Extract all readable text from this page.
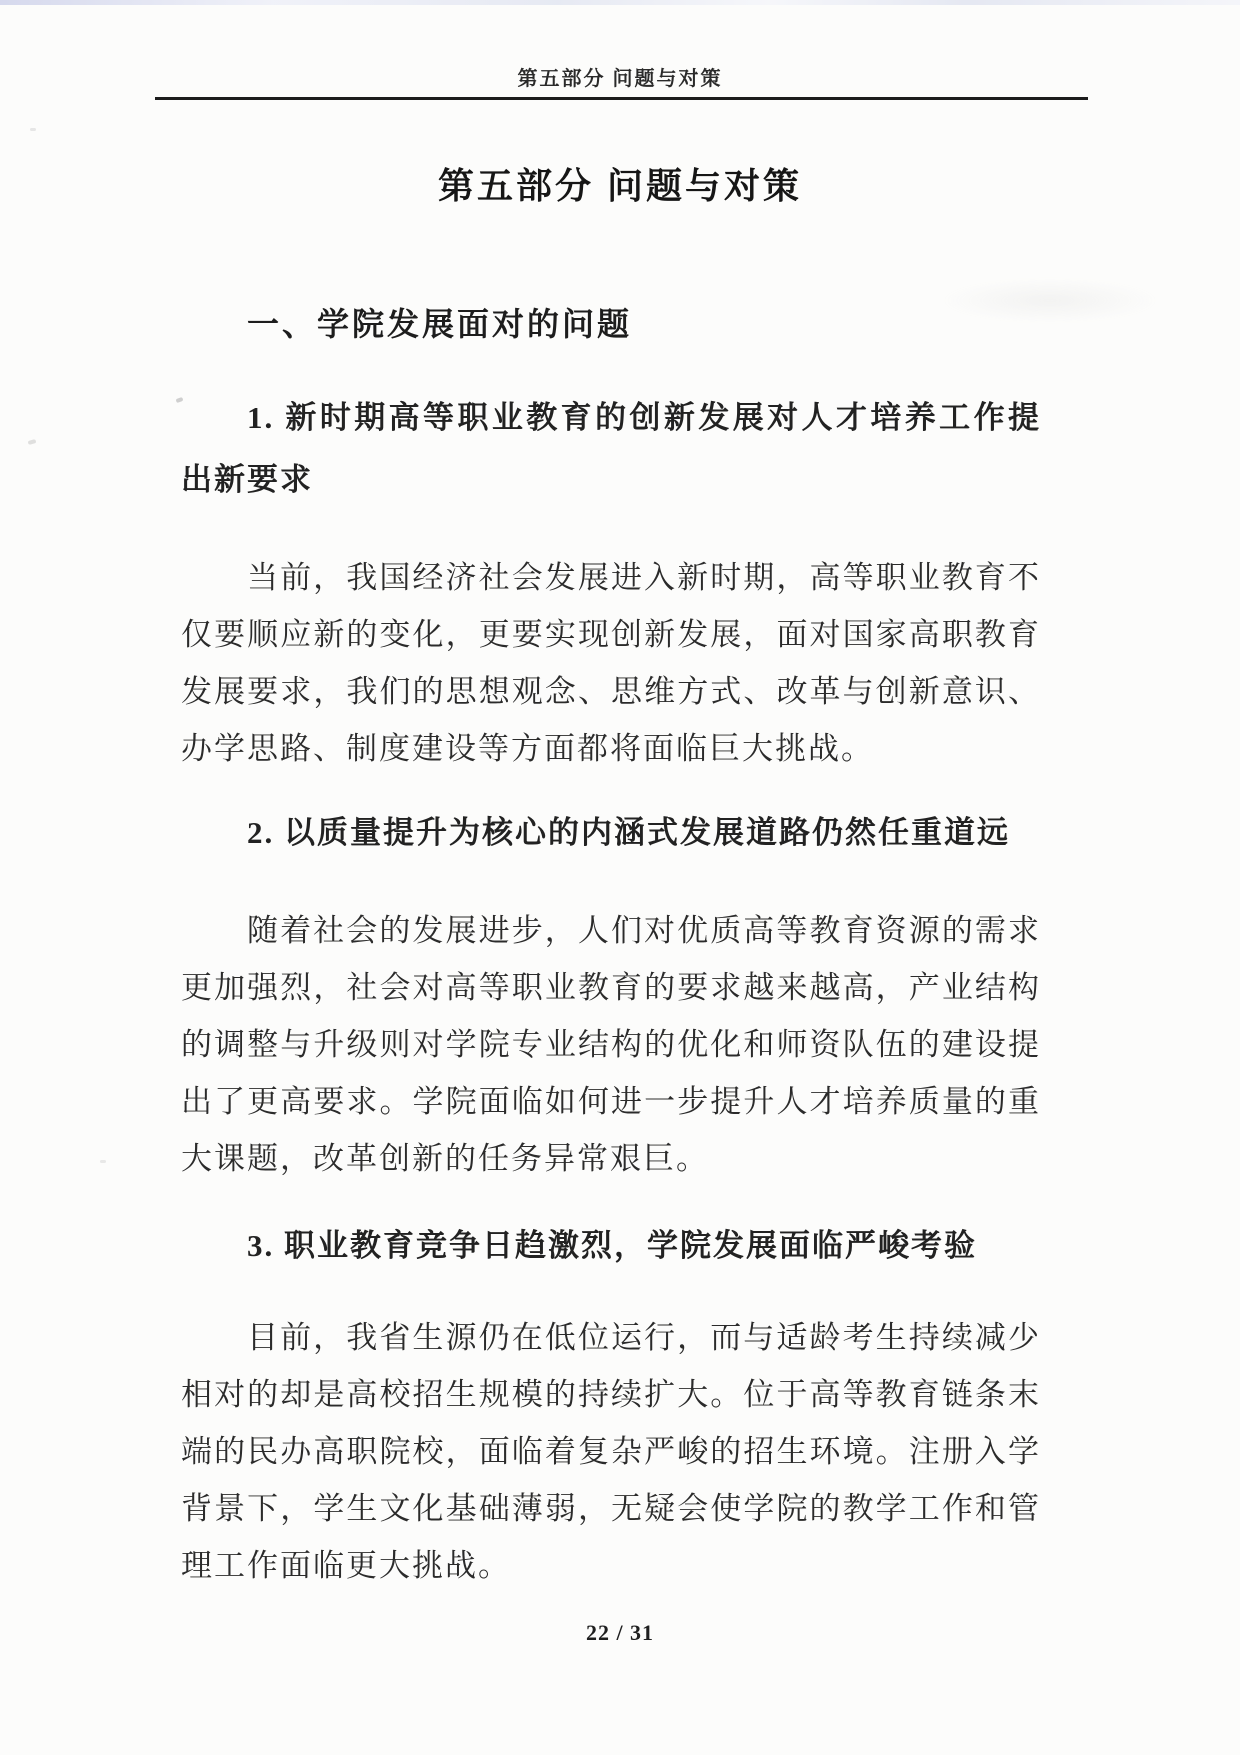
第五部分 问题与对策
第五部分 问题与对策
一、学院发展面对的问题

1. 新时期高等职业教育的创新发展对人才培养工作提出新要求

当前，我国经济社会发展进入新时期，高等职业教育不仅要顺应新的变化，更要实现创新发展，面对国家高职教育发展要求，我们的思想观念、思维方式、改革与创新意识、办学思路、制度建设等方面都将面临巨大挑战。

2. 以质量提升为核心的内涵式发展道路仍然任重道远

随着社会的发展进步，人们对优质高等教育资源的需求更加强烈，社会对高等职业教育的要求越来越高，产业结构的调整与升级则对学院专业结构的优化和师资队伍的建设提出了更高要求。学院面临如何进一步提升人才培养质量的重大课题，改革创新的任务异常艰巨。

3. 职业教育竞争日趋激烈，学院发展面临严峻考验

目前，我省生源仍在低位运行，而与适龄考生持续减少相对的却是高校招生规模的持续扩大。位于高等教育链条末端的民办高职院校，面临着复杂严峻的招生环境。注册入学背景下，学生文化基础薄弱，无疑会使学院的教学工作和管理工作面临更大挑战。

22 / 31
